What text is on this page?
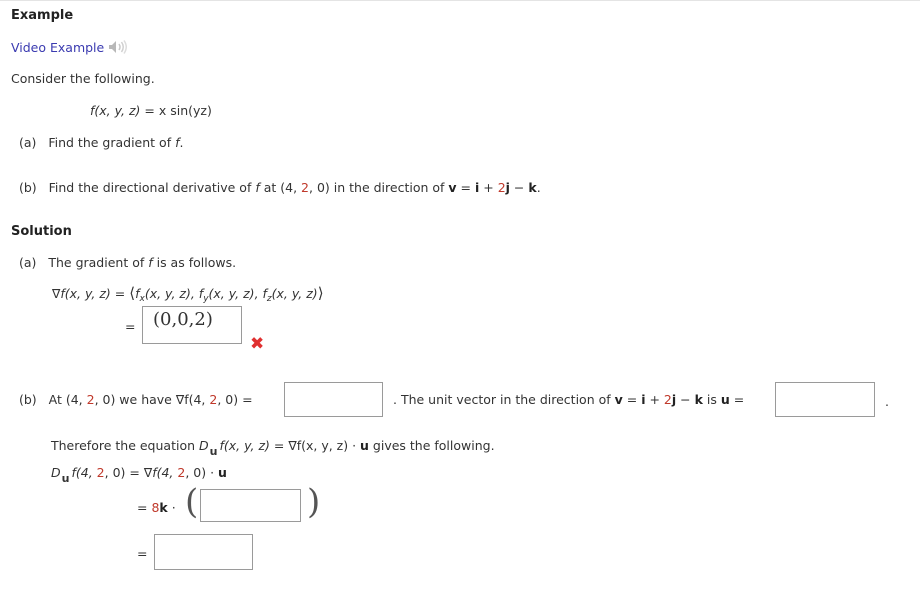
Example
Video Example
Consider the following.
f(x, y, z) = x sin(yz)
(a) Find the gradient of f.
(b) Find the directional derivative of f at (4, 2, 0) in the direction of v = i + 2j − k.
Solution
(a) The gradient of f is as follows.
∇f(x, y, $z) = ⟨f_x(x$, y, z), $f_y(x$, y, z), $f_z(x$, y, z)⟩
= (0,0,2)
✖
(b) At (4, 2, 0) we have ∇f(4, 2, 0) =	. The unit vector in the direction of v = i + 2j − k is u =	.
Therefore the equation Du f(x, y, z) = ∇f(x, y, z) · u gives the following.
Du f(4, 2, 0) = ∇f(4, 2, 0) · u
= 8k · (	)
=
